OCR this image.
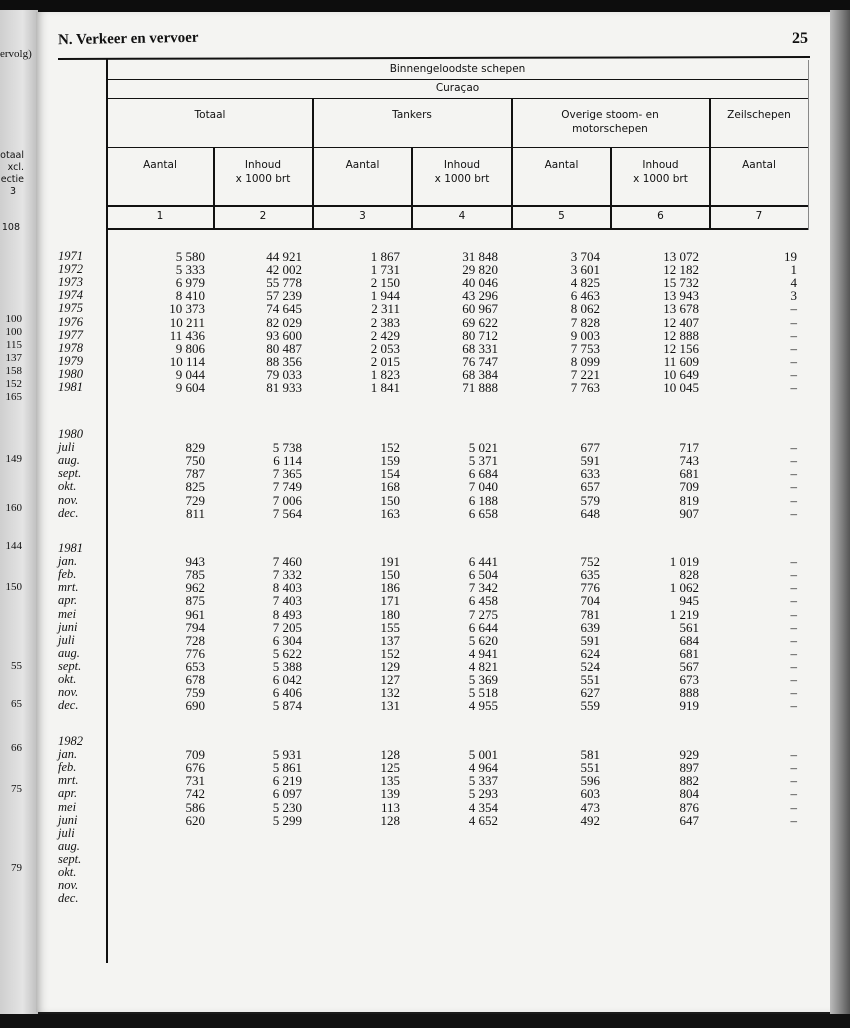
ervolg)
otaal
xcl.
ectie
3
108
100
100
115
137
158
152
165
149
160
144
150
55
65
66
75
79
N. Verkeer en vervoer	25
Binnengeloodste schepen
Curaçao
Totaal	Tankers	Overige stoom- en motorschepen
Zeilschepen
Aantal	Inhoud
x 1000 brt
Aantal	Inhoud
x 1000 brt
Aantal	Inhoud
x 1000 brt
Aantal
1	2	3	4	5	6	7
1971	5 580	44 921	1 867	31 848	3 704	13 072	19
1972	5 333	42 002	1 731	29 820	3 601	12 182	1
1973	6 979	55 778	2 150	40 046	4 825	15 732	4
1974	8 410	57 239	1 944	43 296	6 463	13 943	3
1975	10 373	74 645	2 311	60 967	8 062	13 678	–
1976	10 211	82 029	2 383	69 622	7 828	12 407	–
1977	11 436	93 600	2 429	80 712	9 003	12 888	–
1978	9 806	80 487	2 053	68 331	7 753	12 156	–
1979	10 114	88 356	2 015	76 747	8 099	11 609	–
1980	9 044	79 033	1 823	68 384	7 221	10 649	–
1981	9 604	81 933	1 841	71 888	7 763	10 045	–
1980
juli	829	5 738	152	5 021	677	717	–
aug.	750	6 114	159	5 371	591	743	–
sept.	787	7 365	154	6 684	633	681	–
okt.	825	7 749	168	7 040	657	709	–
nov.	729	7 006	150	6 188	579	819	–
dec.	811	7 564	163	6 658	648	907	–
1981
jan.	943	7 460	191	6 441	752	1 019	–
feb.	785	7 332	150	6 504	635	828	–
mrt.	962	8 403	186	7 342	776	1 062	–
apr.	875	7 403	171	6 458	704	945	–
mei	961	8 493	180	7 275	781	1 219	–
juni	794	7 205	155	6 644	639	561	–
juli	728	6 304	137	5 620	591	684	–
aug.	776	5 622	152	4 941	624	681	–
sept.	653	5 388	129	4 821	524	567	–
okt.	678	6 042	127	5 369	551	673	–
nov.	759	6 406	132	5 518	627	888	–
dec.	690	5 874	131	4 955	559	919	–
1982
jan.	709	5 931	128	5 001	581	929	–
feb.	676	5 861	125	4 964	551	897	–
mrt.	731	6 219	135	5 337	596	882	–
apr.	742	6 097	139	5 293	603	804	–
mei	586	5 230	113	4 354	473	876	–
juni	620	5 299	128	4 652	492	647	–
juli
aug.
sept.
okt.
nov.
dec.
